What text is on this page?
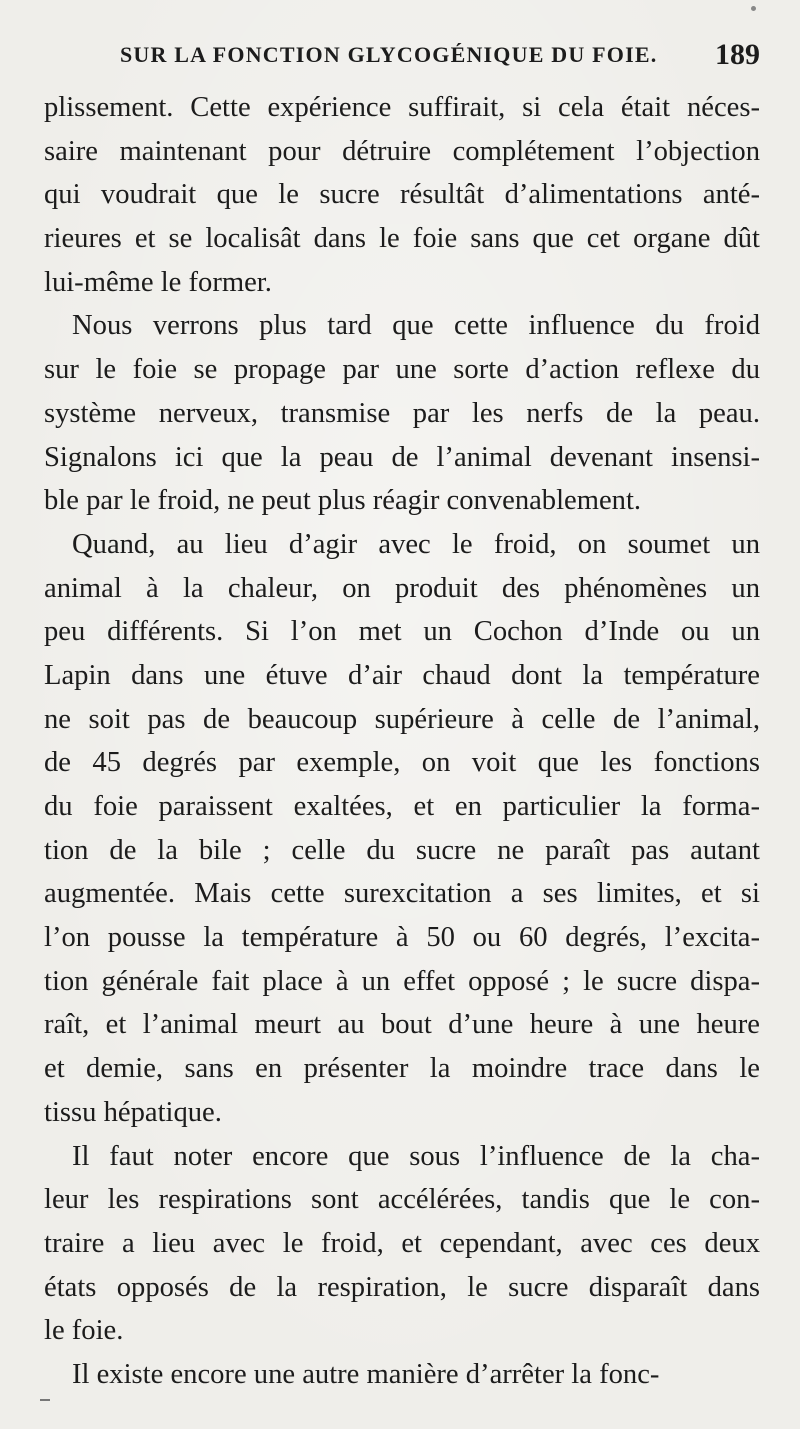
SUR LA FONCTION GLYCOGÉNIQUE DU FOIE. 189
plissement. Cette expérience suffirait, si cela était néces-
saire maintenant pour détruire complétement l’objection
qui voudrait que le sucre résultât d’alimentations anté-
rieures et se localisât dans le foie sans que cet organe dût
lui-même le former.
Nous verrons plus tard que cette influence du froid
sur le foie se propage par une sorte d’action reflexe du
système nerveux, transmise par les nerfs de la peau.
Signalons ici que la peau de l’animal devenant insensi-
ble par le froid, ne peut plus réagir convenablement.
Quand, au lieu d’agir avec le froid, on soumet un
animal à la chaleur, on produit des phénomènes un
peu différents. Si l’on met un Cochon d’Inde ou un
Lapin dans une étuve d’air chaud dont la température
ne soit pas de beaucoup supérieure à celle de l’animal,
de 45 degrés par exemple, on voit que les fonctions
du foie paraissent exaltées, et en particulier la forma-
tion de la bile ; celle du sucre ne paraît pas autant
augmentée. Mais cette surexcitation a ses limites, et si
l’on pousse la température à 50 ou 60 degrés, l’excita-
tion générale fait place à un effet opposé ; le sucre dispa-
raît, et l’animal meurt au bout d’une heure à une heure
et demie, sans en présenter la moindre trace dans le
tissu hépatique.
Il faut noter encore que sous l’influence de la cha-
leur les respirations sont accélérées, tandis que le con-
traire a lieu avec le froid, et cependant, avec ces deux
états opposés de la respiration, le sucre disparaît dans
le foie.
Il existe encore une autre manière d’arrêter la fonc-
